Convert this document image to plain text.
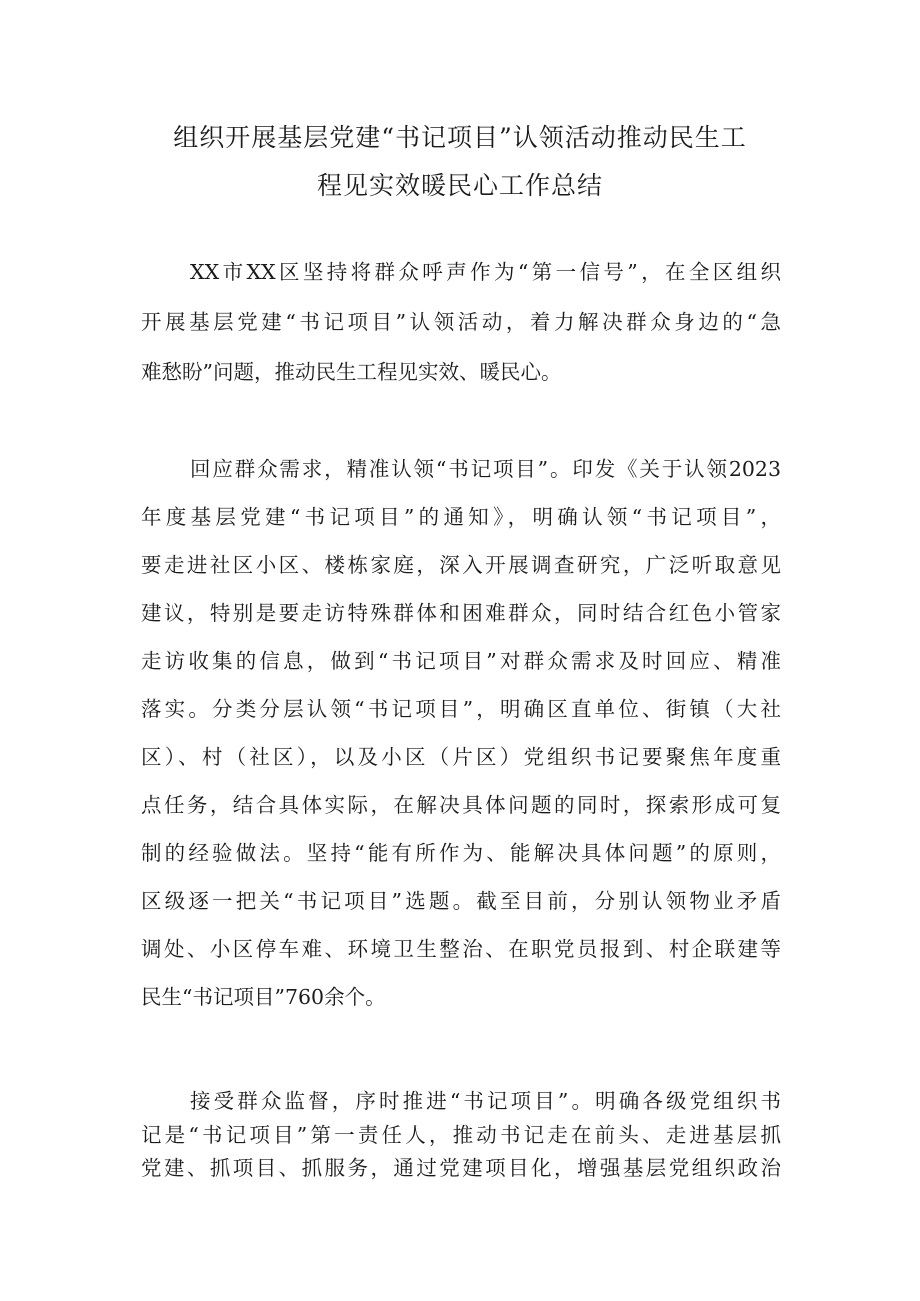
组织开展基层党建“书记项目”认领活动推动民生工
程见实效暖民心工作总结
XX市XX区坚持将群众呼声作为“第一信号”，在全区组织
开展基层党建“书记项目”认领活动，着力解决群众身边的“急
难愁盼”问题，推动民生工程见实效、暖民心。
回应群众需求，精准认领“书记项目”。印发《关于认领2023
年度基层党建“书记项目”的通知》，明确认领“书记项目”，
要走进社区小区、楼栋家庭，深入开展调查研究，广泛听取意见
建议，特别是要走访特殊群体和困难群众，同时结合红色小管家
走访收集的信息，做到“书记项目”对群众需求及时回应、精准
落实。分类分层认领“书记项目”，明确区直单位、街镇（大社
区）、村（社区），以及小区（片区）党组织书记要聚焦年度重
点任务，结合具体实际，在解决具体问题的同时，探索形成可复
制的经验做法。坚持“能有所作为、能解决具体问题”的原则，
区级逐一把关“书记项目”选题。截至目前，分别认领物业矛盾
调处、小区停车难、环境卫生整治、在职党员报到、村企联建等
民生“书记项目”760余个。
接受群众监督，序时推进“书记项目”。明确各级党组织书
记是“书记项目”第一责任人，推动书记走在前头、走进基层抓
党建、抓项目、抓服务，通过党建项目化，增强基层党组织政治
